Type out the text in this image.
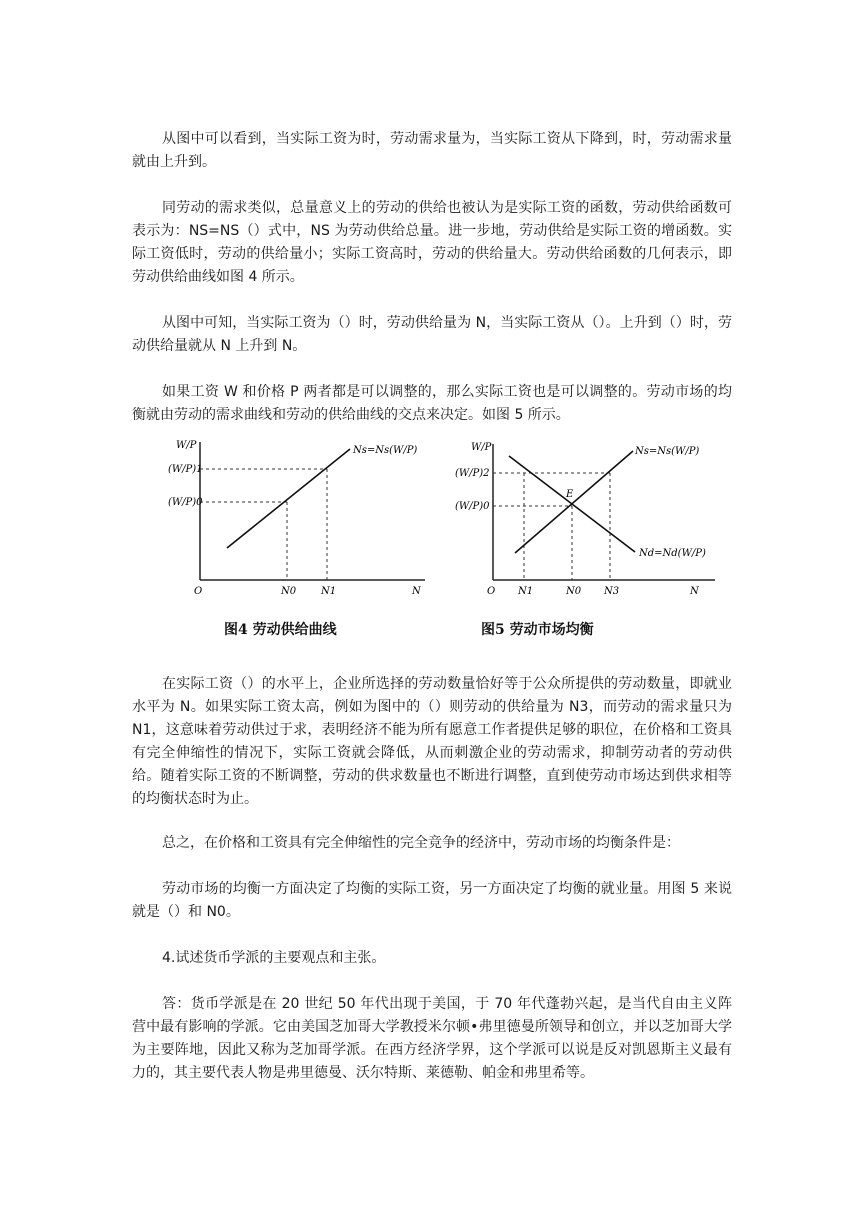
从图中可以看到，当实际工资为时，劳动需求量为，当实际工资从下降到，时，劳动需求量就由上升到。

同劳动的需求类似，总量意义上的劳动的供给也被认为是实际工资的函数，劳动供给函数可表示为：NS=NS（）式中，NS 为劳动供给总量。进一步地，劳动供给是实际工资的增函数。实际工资低时，劳动的供给量小；实际工资高时，劳动的供给量大。劳动供给函数的几何表示，即劳动供给曲线如图 4 所示。

从图中可知，当实际工资为（）时，劳动供给量为 N，当实际工资从（）。上升到（）时，劳动供给量就从 N 上升到 N。

如果工资 W 和价格 P 两者都是可以调整的，那么实际工资也是可以调整的。劳动市场的均衡就由劳动的需求曲线和劳动的供给曲线的交点来决定。如图 5 所示。

W/P
(W/P)1
(W/P)0
Ns=Ns(W/P)
O	N0 N1	N
图4 劳动供给曲线
W/P
(W/P)2
(W/P)0
E
Ns=Ns(W/P)
Nd=Nd(W/P)
O N1	N0 N3	N
图5 劳动市场均衡

在实际工资（）的水平上，企业所选择的劳动数量恰好等于公众所提供的劳动数量，即就业水平为 N。如果实际工资太高，例如为图中的（）则劳动的供给量为 N3，而劳动的需求量只为 N1，这意味着劳动供过于求，表明经济不能为所有愿意工作者提供足够的职位，在价格和工资具有完全伸缩性的情况下，实际工资就会降低，从而刺激企业的劳动需求，抑制劳动者的劳动供给。随着实际工资的不断调整，劳动的供求数量也不断进行调整，直到使劳动市场达到供求相等的均衡状态时为止。

总之，在价格和工资具有完全伸缩性的完全竞争的经济中，劳动市场的均衡条件是：

劳动市场的均衡一方面决定了均衡的实际工资，另一方面决定了均衡的就业量。用图 5 来说就是（）和 N0。

4.试述货币学派的主要观点和主张。

答：货币学派是在 20 世纪 50 年代出现于美国，于 70 年代蓬勃兴起，是当代自由主义阵营中最有影响的学派。它由美国芝加哥大学教授米尔顿•弗里德曼所领导和创立，并以芝加哥大学为主要阵地，因此又称为芝加哥学派。在西方经济学界，这个学派可以说是反对凯恩斯主义最有力的，其主要代表人物是弗里德曼、沃尔特斯、莱德勒、帕金和弗里希等。
